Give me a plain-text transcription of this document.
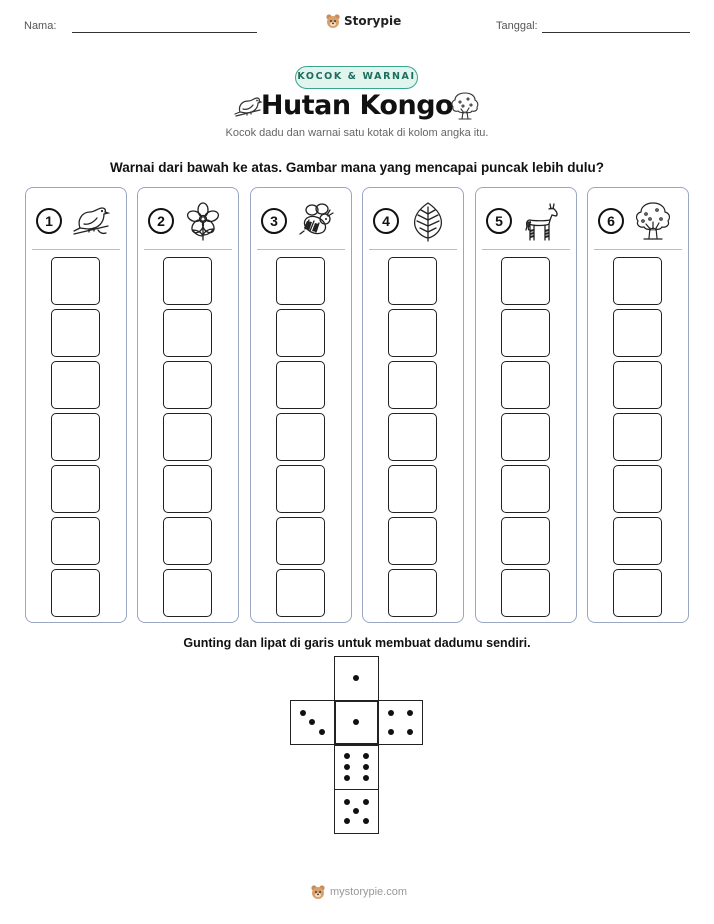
Nama:	Storypie	Tanggal:
KOCOK & WARNAI
Hutan Kongo
Kocok dadu dan warnai satu kotak di kolom angka itu.
Warnai dari bawah ke atas. Gambar mana yang mencapai puncak lebih dulu?
1	2	3	4	5	6
Gunting dan lipat di garis untuk membuat dadumu sendiri.
mystorypie.com
